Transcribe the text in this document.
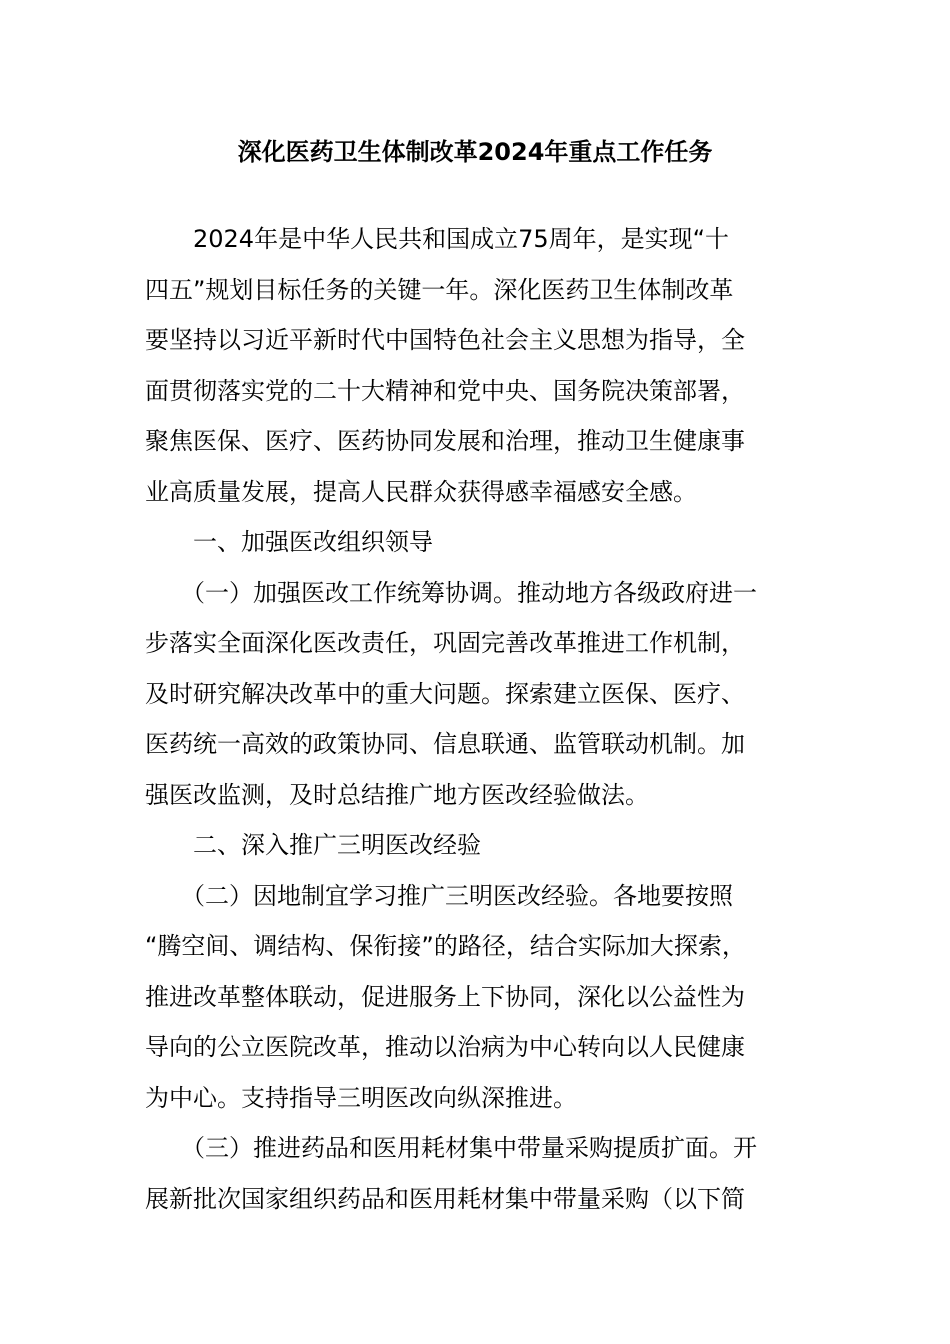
深化医药卫生体制改革2024年重点工作任务

　　2024年是中华人民共和国成立75周年，是实现“十

四五”规划目标任务的关键一年。深化医药卫生体制改革

要坚持以习近平新时代中国特色社会主义思想为指导，全

面贯彻落实党的二十大精神和党中央、国务院决策部署，

聚焦医保、医疗、医药协同发展和治理，推动卫生健康事

业高质量发展，提高人民群众获得感幸福感安全感。

　　一、加强医改组织领导

　　（一）加强医改工作统筹协调。推动地方各级政府进一

步落实全面深化医改责任，巩固完善改革推进工作机制，

及时研究解决改革中的重大问题。探索建立医保、医疗、

医药统一高效的政策协同、信息联通、监管联动机制。加

强医改监测，及时总结推广地方医改经验做法。

　　二、深入推广三明医改经验

　　（二）因地制宜学习推广三明医改经验。各地要按照

“腾空间、调结构、保衔接”的路径，结合实际加大探索，

推进改革整体联动，促进服务上下协同，深化以公益性为

导向的公立医院改革，推动以治病为中心转向以人民健康

为中心。支持指导三明医改向纵深推进。

　　（三）推进药品和医用耗材集中带量采购提质扩面。开

展新批次国家组织药品和医用耗材集中带量采购（以下简
